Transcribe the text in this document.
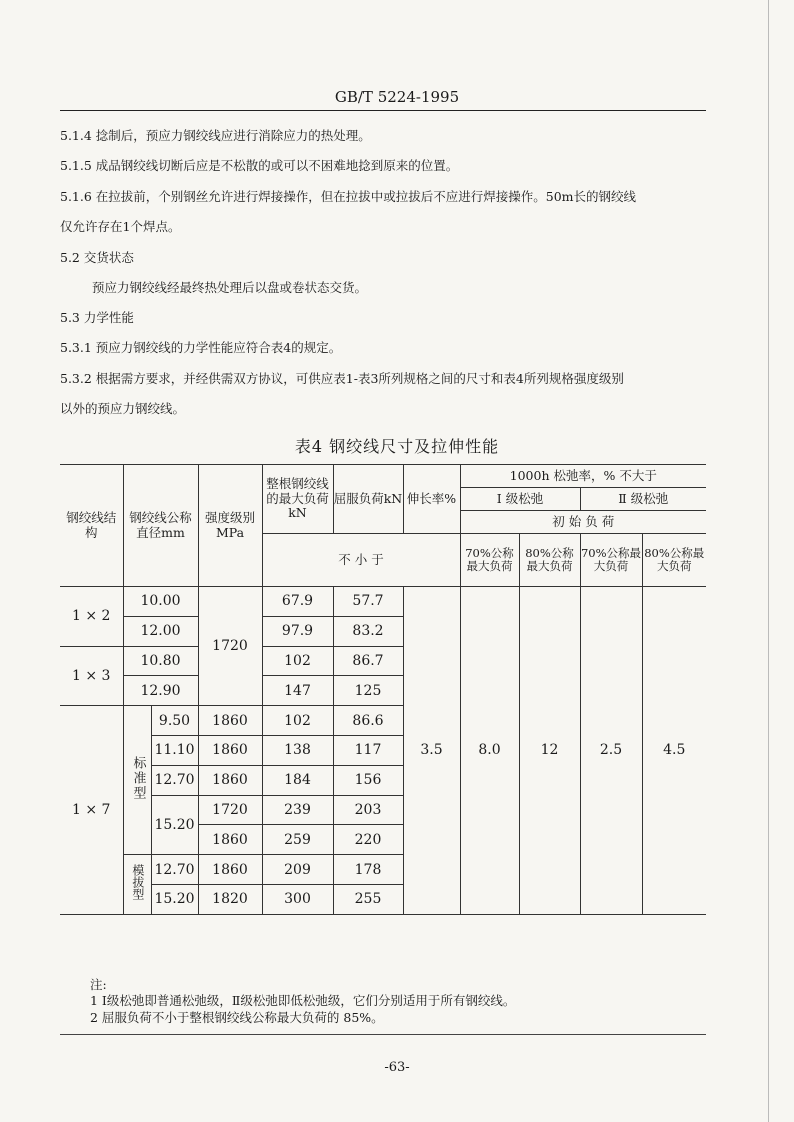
GB/T 5224-1995
5.1.4 捻制后，预应力钢绞线应进行消除应力的热处理。
5.1.5 成品钢绞线切断后应是不松散的或可以不困难地捻到原来的位置。
5.1.6 在拉拔前，个别钢丝允许进行焊接操作，但在拉拔中或拉拔后不应进行焊接操作。50m长的钢绞线
仅允许存在1个焊点。
5.2 交货状态
预应力钢绞线经最终热处理后以盘或卷状态交货。
5.3 力学性能
5.3.1 预应力钢绞线的力学性能应符合表4的规定。
5.3.2 根据需方要求，并经供需双方协议，可供应表1-表3所列规格之间的尺寸和表4所列规格强度级别
以外的预应力钢绞线。
表4 钢绞线尺寸及拉伸性能
钢绞线结 构	钢绞线公称直径mm		强度级别MPa	整根钢绞线的最大负荷 kN	屈服负荷kN	伸长率%	1000h 松弛率，% 不大于			
							Ⅰ 级松弛		Ⅱ 级松弛	
							初 始 负 荷			
				不 小 于			70%公称最大负荷	80%公称最大负荷	70%公称最大负荷	80%公称最大负荷
1 × 2	10.00		1720	67.9	57.7	3.5	8.0	12	2.5	4.5
	12.00			97.9	83.2					
1 × 3	10.80			102	86.7					
	12.90			147	125					
1 × 7	标准型	9.50	1860	102	86.6					
		11.10	1860	138	117					
		12.70	1860	184	156					
		15.20	1720	239	203					
			1860	259	220					
	模拔型	12.70	1860	209	178					
		15.20	1820	300	255					
注:
1 Ⅰ级松弛即普通松弛级，Ⅱ级松弛即低松弛级，它们分别适用于所有钢绞线。
2 屈服负荷不小于整根钢绞线公称最大负荷的 85%。
-63-
